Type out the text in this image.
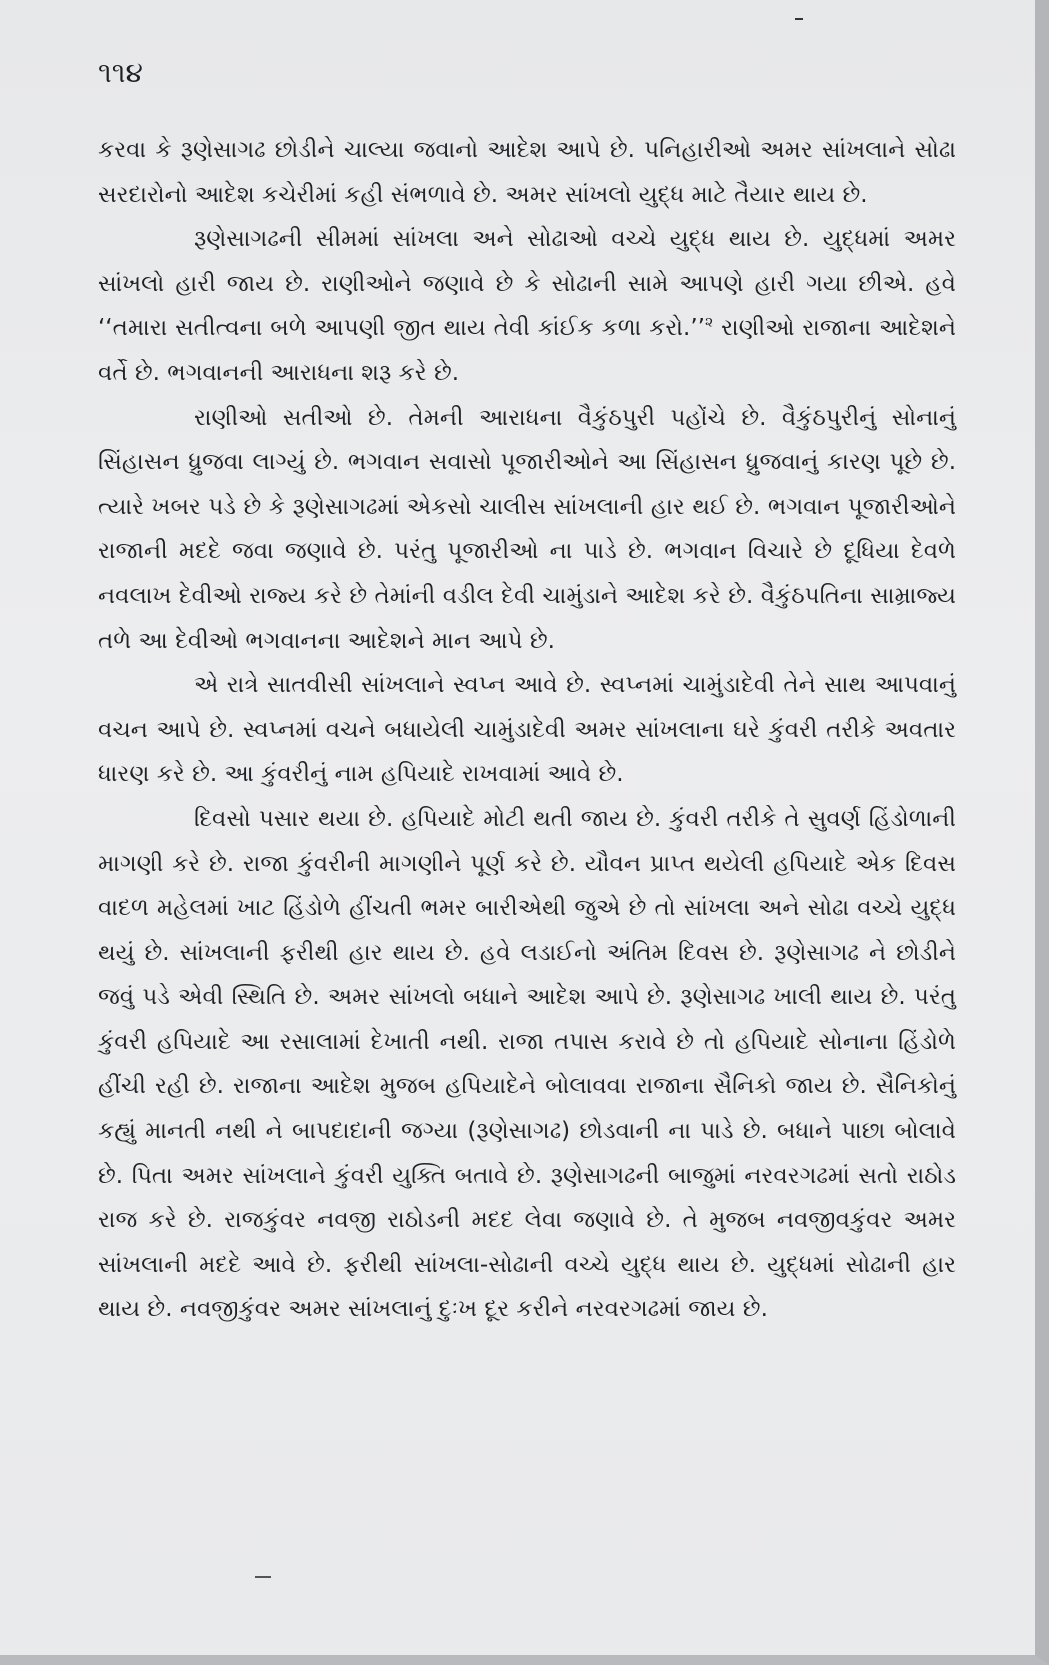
૧૧૪

કરવા કે રૂણેસાગઢ છોડીને ચાલ્યા જવાનો આદેશ આપે છે. પનિહારીઓ અમર સાંખલાને સોઢા સરદારોનો આદેશ કચેરીમાં કહી સંભળાવે છે. અમર સાંખલો યુદ્ધ માટે તૈયાર થાય છે.

રૂણેસાગઢની સીમમાં સાંખલા અને સોઢાઓ વચ્ચે યુદ્ધ થાય છે. યુદ્ધમાં અમર સાંખલો હારી જાય છે. રાણીઓને જણાવે છે કે સોઢાની સામે આપણે હારી ગયા છીએ. હવે ‘‘તમારા સતીત્વના બળે આપણી જીત થાય તેવી કાંઈક કળા કરો.’’$^૨$ રાણીઓ રાજાના આદેશને વર્તે છે. ભગવાનની આરાધના શરૂ કરે છે.

રાણીઓ સતીઓ છે. તેમની આરાધના વૈકુંઠપુરી પહોંચે છે. વૈકુંઠપુરીનું સોનાનું સિંહાસન ધ્રુજવા લાગ્યું છે. ભગવાન સવાસો પૂજારીઓને આ સિંહાસન ધ્રુજવાનું કારણ પૂછે છે. ત્યારે ખબર પડે છે કે રૂણેસાગઢમાં એકસો ચાલીસ સાંખલાની હાર થઈ છે. ભગવાન પૂજારીઓને રાજાની મદદે જવા જણાવે છે. પરંતુ પૂજારીઓ ના પાડે છે. ભગવાન વિચારે છે દૂધિયા દેવળે નવલાખ દેવીઓ રાજ્ય કરે છે તેમાંની વડીલ દેવી ચામુંડાને આદેશ કરે છે. વૈકુંઠપતિના સામ્રાજ્ય તળે આ દેવીઓ ભગવાનના આદેશને માન આપે છે.

એ રાત્રે સાતવીસી સાંખલાને સ્વપ્ન આવે છે. સ્વપ્નમાં ચામુંડાદેવી તેને સાથ આપવાનું વચન આપે છે. સ્વપ્નમાં વચને બધાયેલી ચામુંડાદેવી અમર સાંખલાના ઘરે કુંવરી તરીકે અવતાર ધારણ કરે છે. આ કુંવરીનું નામ હપિયાદે રાખવામાં આવે છે.

દિવસો પસાર થયા છે. હપિયાદે મોટી થતી જાય છે. કુંવરી તરીકે તે સુવર્ણ હિંડોળાની માગણી કરે છે. રાજા કુંવરીની માગણીને પૂર્ણ કરે છે. યૌવન પ્રાપ્ત થયેલી હપિયાદે એક દિવસ વાદળ મહેલમાં ખાટ હિંડોળે હીંચતી ભમર બારીએથી જુએ છે તો સાંખલા અને સોઢા વચ્ચે યુદ્ધ થયું છે. સાંખલાની ફરીથી હાર થાય છે. હવે લડાઈનો અંતિમ દિવસ છે. રૂણેસાગઢ ને છોડીને જવું પડે એવી સ્થિતિ છે. અમર સાંખલો બધાને આદેશ આપે છે. રૂણેસાગઢ ખાલી થાય છે. પરંતુ કુંવરી હપિયાદે આ રસાલામાં દેખાતી નથી. રાજા તપાસ કરાવે છે તો હપિયાદે સોનાના હિંડોળે હીંચી રહી છે. રાજાના આદેશ મુજબ હપિયાદેને બોલાવવા રાજાના સૈનિકો જાય છે. સૈનિકોનું કહ્યું માનતી નથી ને બાપદાદાની જગ્યા (રૂણેસાગઢ) છોડવાની ના પાડે છે. બધાને પાછા બોલાવે છે. પિતા અમર સાંખલાને કુંવરી યુક્તિ બતાવે છે. રૂણેસાગઢની બાજુમાં નરવરગઢમાં સતો રાઠોડ રાજ કરે છે. રાજકુંવર નવજી રાઠોડની મદદ લેવા જણાવે છે. તે મુજબ નવજીવકુંવર અમર સાંખલાની મદદે આવે છે. ફરીથી સાંખલા-સોઢાની વચ્ચે યુદ્ધ થાય છે. યુદ્ધમાં સોઢાની હાર થાય છે. નવજીકુંવર અમર સાંખલાનું દુઃખ દૂર કરીને નરવરગઢમાં જાય છે.
